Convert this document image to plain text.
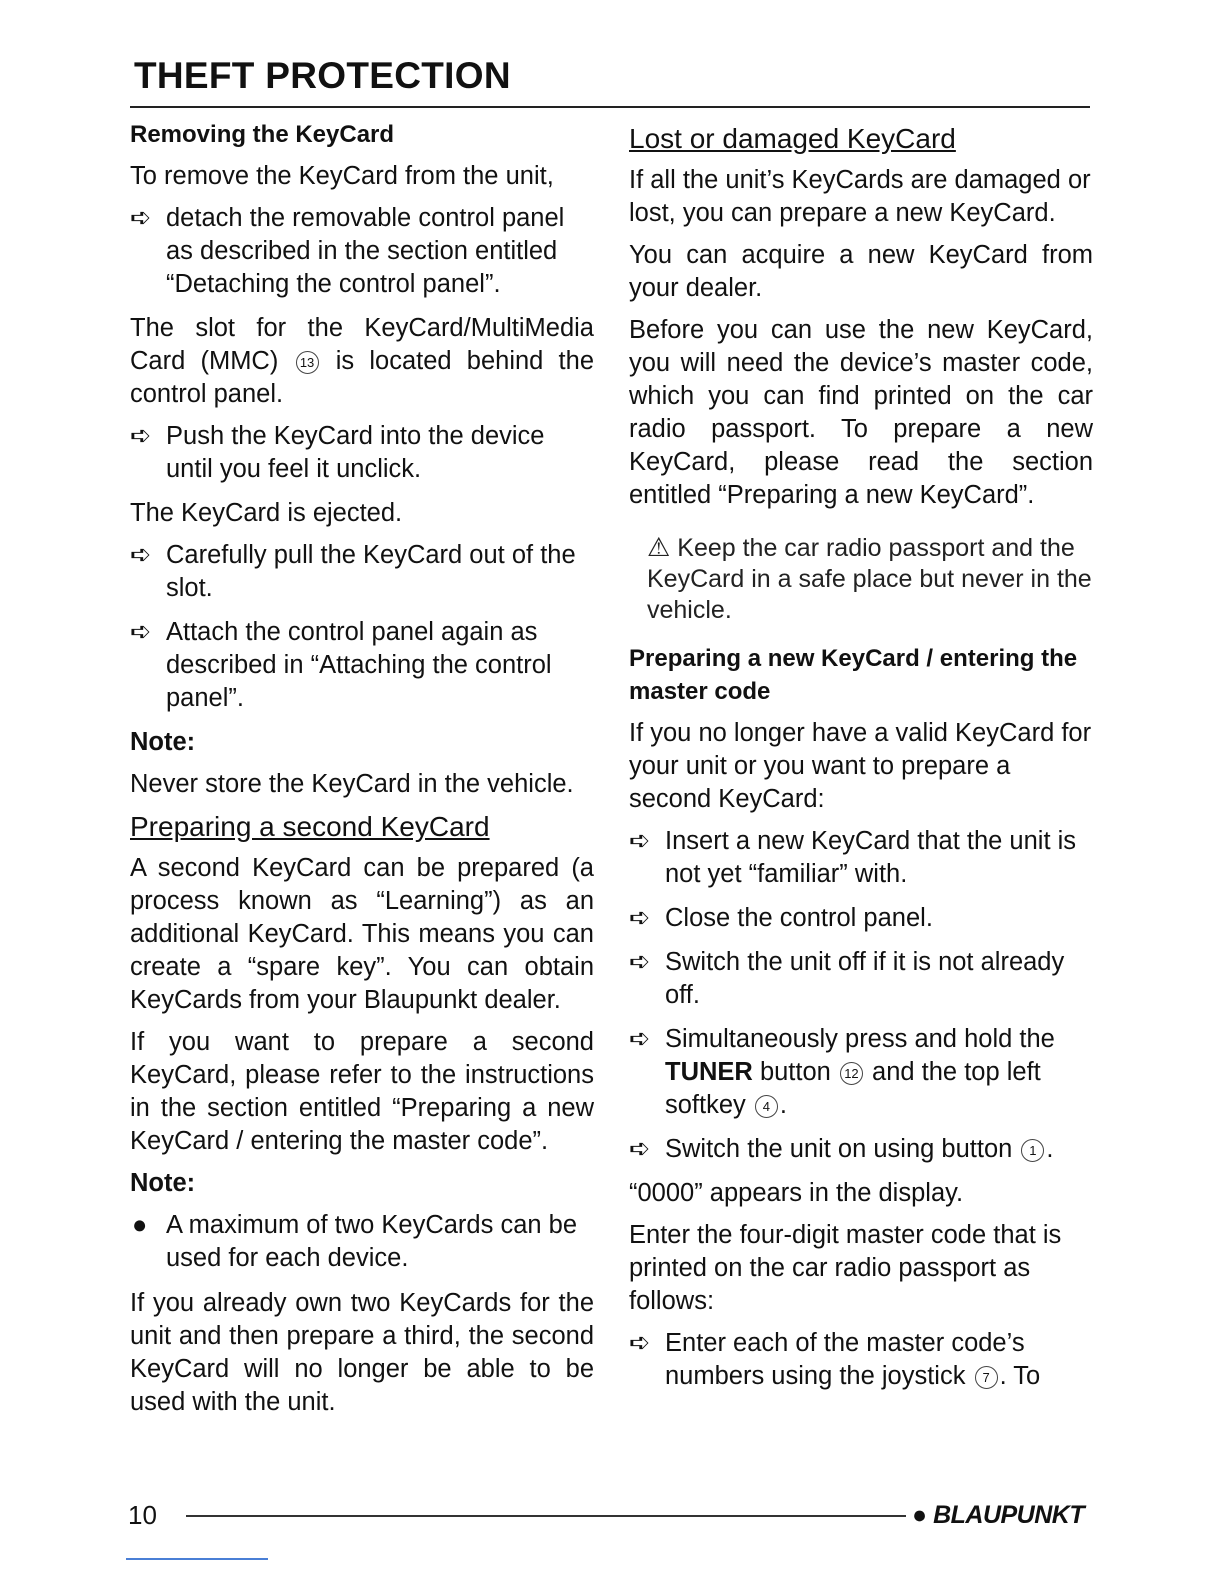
THEFT PROTECTION

Removing the KeyCard

To remove the KeyCard from the unit,

➪ detach the removable control panel as described in the section entitled “Detaching the control panel”.

The slot for the KeyCard/MultiMedia Card (MMC) 13 is located behind the control panel.

➪ Push the KeyCard into the device until you feel it unclick.

The KeyCard is ejected.

➪ Carefully pull the KeyCard out of the slot.
➪ Attach the control panel again as described in “Attaching the control panel”.

Note:

Never store the KeyCard in the vehicle.

Preparing a second KeyCard

A second KeyCard can be prepared (a process known as “Learning”) as an additional KeyCard. This means you can create a “spare key”. You can obtain KeyCards from your Blaupunkt dealer.

If you want to prepare a second KeyCard, please refer to the instructions in the section entitled “Preparing a new KeyCard / entering the master code”.

Note:

● A maximum of two KeyCards can be used for each device.

If you already own two KeyCards for the unit and then prepare a third, the second KeyCard will no longer be able to be used with the unit.

Lost or damaged KeyCard

If all the unit’s KeyCards are damaged or lost, you can prepare a new KeyCard.

You can acquire a new KeyCard from your dealer.

Before you can use the new KeyCard, you will need the device’s master code, which you can find printed on the car radio passport. To prepare a new KeyCard, please read the section entitled “Preparing a new KeyCard”.

⚠ Keep the car radio passport and the KeyCard in a safe place but never in the vehicle.

Preparing a new KeyCard / entering the master code

If you no longer have a valid KeyCard for your unit or you want to prepare a second KeyCard:

➪ Insert a new KeyCard that the unit is not yet “familiar” with.
➪ Close the control panel.
➪ Switch the unit off if it is not already off.
➪ Simultaneously press and hold the TUNER button 12 and the top left softkey 4 .
➪ Switch the unit on using button 1 .

“0000” appears in the display.

Enter the four-digit master code that is printed on the car radio passport as follows:

➪ Enter each of the master code’s numbers using the joystick 7 . To
10	● BLAUPUNKT
